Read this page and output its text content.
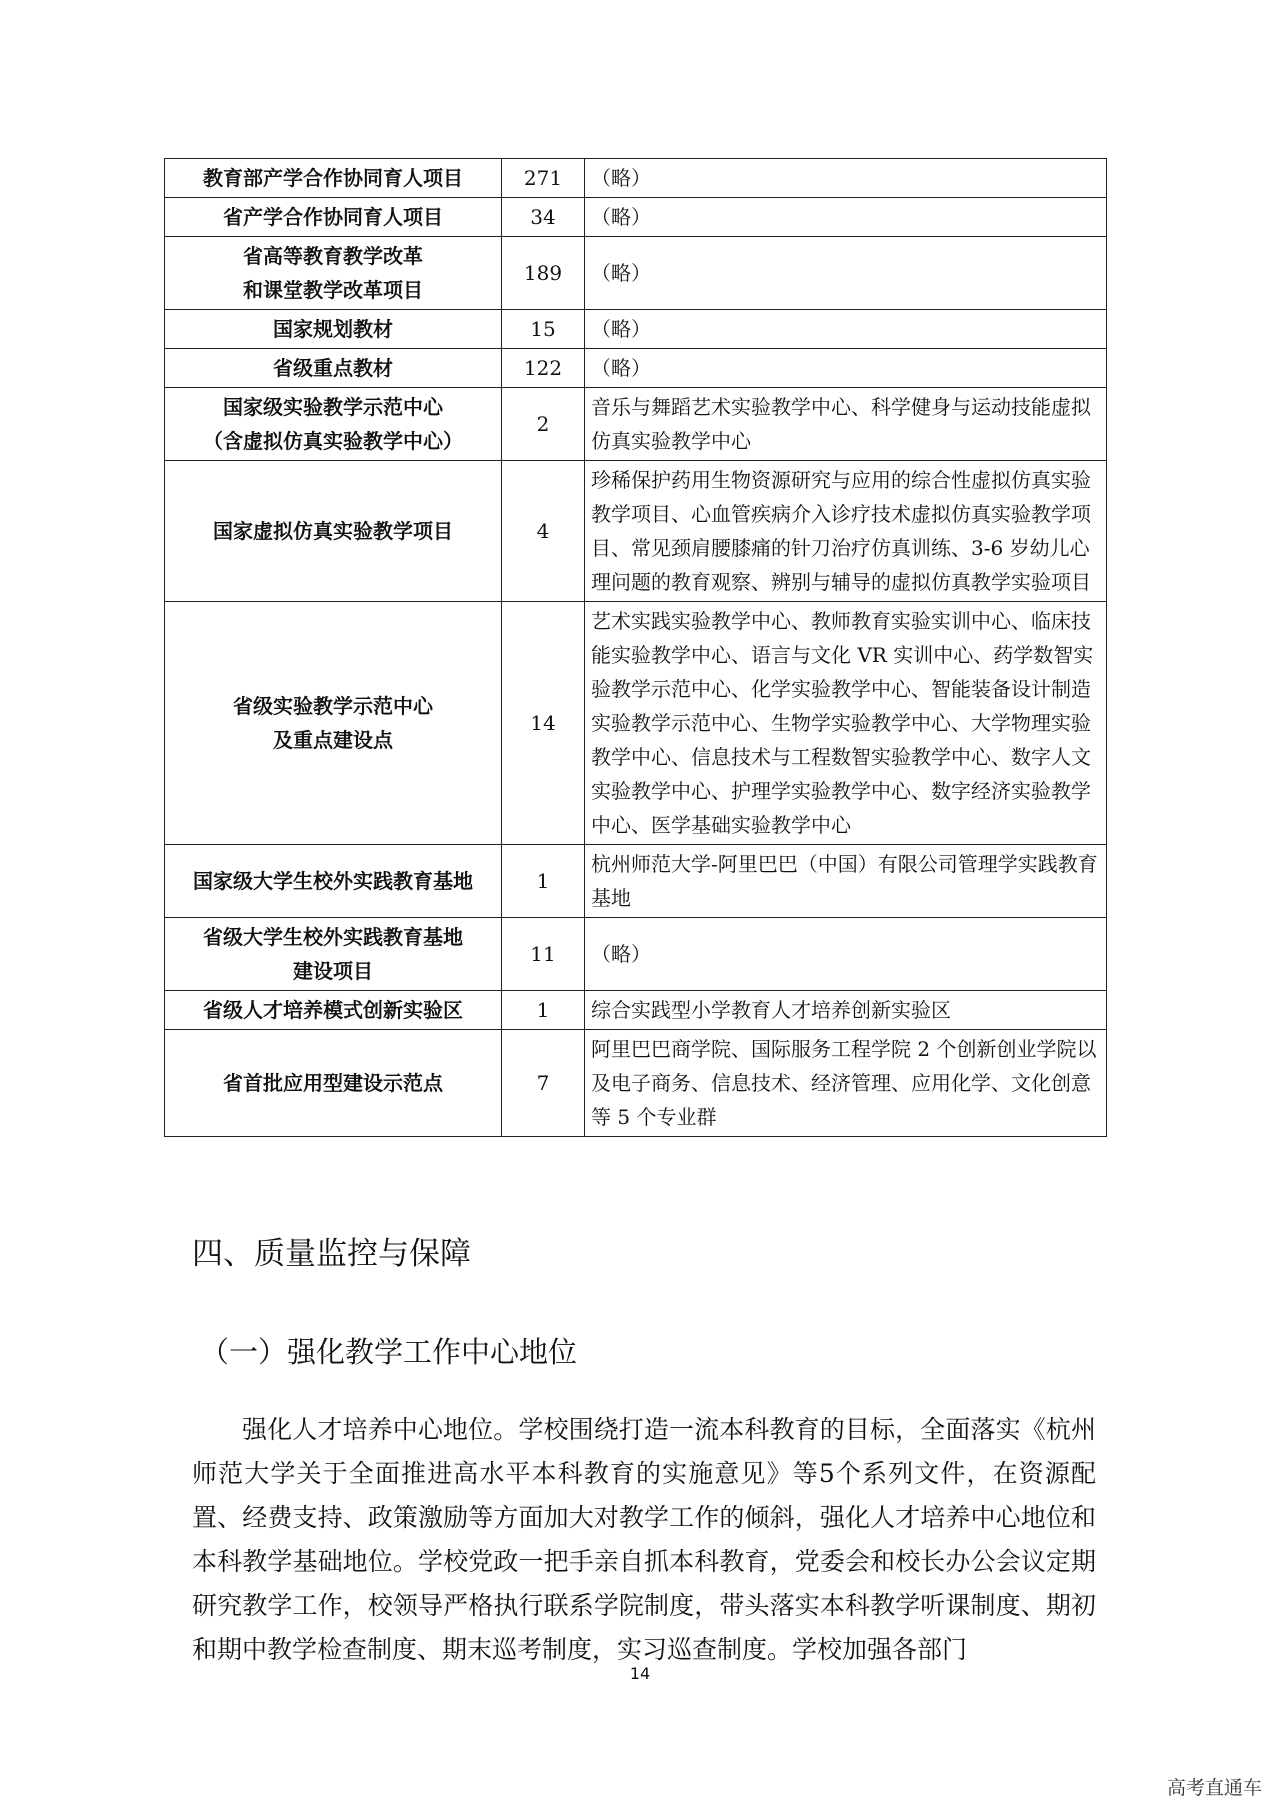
教育部产学合作协同育人项目	271	（略）
省产学合作协同育人项目	34	（略）
省高等教育教学改革
和课堂教学改革项目	189	（略）
国家规划教材	15	（略）
省级重点教材	122	（略）
国家级实验教学示范中心
（含虚拟仿真实验教学中心）	2	音乐与舞蹈艺术实验教学中心、科学健身与运动技能虚拟仿真实验教学中心
国家虚拟仿真实验教学项目	4	珍稀保护药用生物资源研究与应用的综合性虚拟仿真实验教学项目、心血管疾病介入诊疗技术虚拟仿真实验教学项目、常见颈肩腰膝痛的针刀治疗仿真训练、3-6 岁幼儿心理问题的教育观察、辨别与辅导的虚拟仿真教学实验项目
省级实验教学示范中心
及重点建设点	14	艺术实践实验教学中心、教师教育实验实训中心、临床技能实验教学中心、语言与文化 VR 实训中心、药学数智实验教学示范中心、化学实验教学中心、智能装备设计制造实验教学示范中心、生物学实验教学中心、大学物理实验教学中心、信息技术与工程数智实验教学中心、数字人文实验教学中心、护理学实验教学中心、数字经济实验教学中心、医学基础实验教学中心
国家级大学生校外实践教育基地	1	杭州师范大学-阿里巴巴（中国）有限公司管理学实践教育基地
省级大学生校外实践教育基地
建设项目	11	（略）
省级人才培养模式创新实验区	1	综合实践型小学教育人才培养创新实验区
省首批应用型建设示范点	7	阿里巴巴商学院、国际服务工程学院 2 个创新创业学院以及电子商务、信息技术、经济管理、应用化学、文化创意等 5 个专业群
四、质量监控与保障
（一）强化教学工作中心地位

强化人才培养中心地位。学校围绕打造一流本科教育的目标，全面落实《杭州师范大学关于全面推进高水平本科教育的实施意见》等5个系列文件，在资源配置、经费支持、政策激励等方面加大对教学工作的倾斜，强化人才培养中心地位和本科教学基础地位。学校党政一把手亲自抓本科教育，党委会和校长办公会议定期研究教学工作，校领导严格执行联系学院制度，带头落实本科教学听课制度、期初和期中教学检查制度、期末巡考制度，实习巡查制度。学校加强各部门

14
高考直通车
